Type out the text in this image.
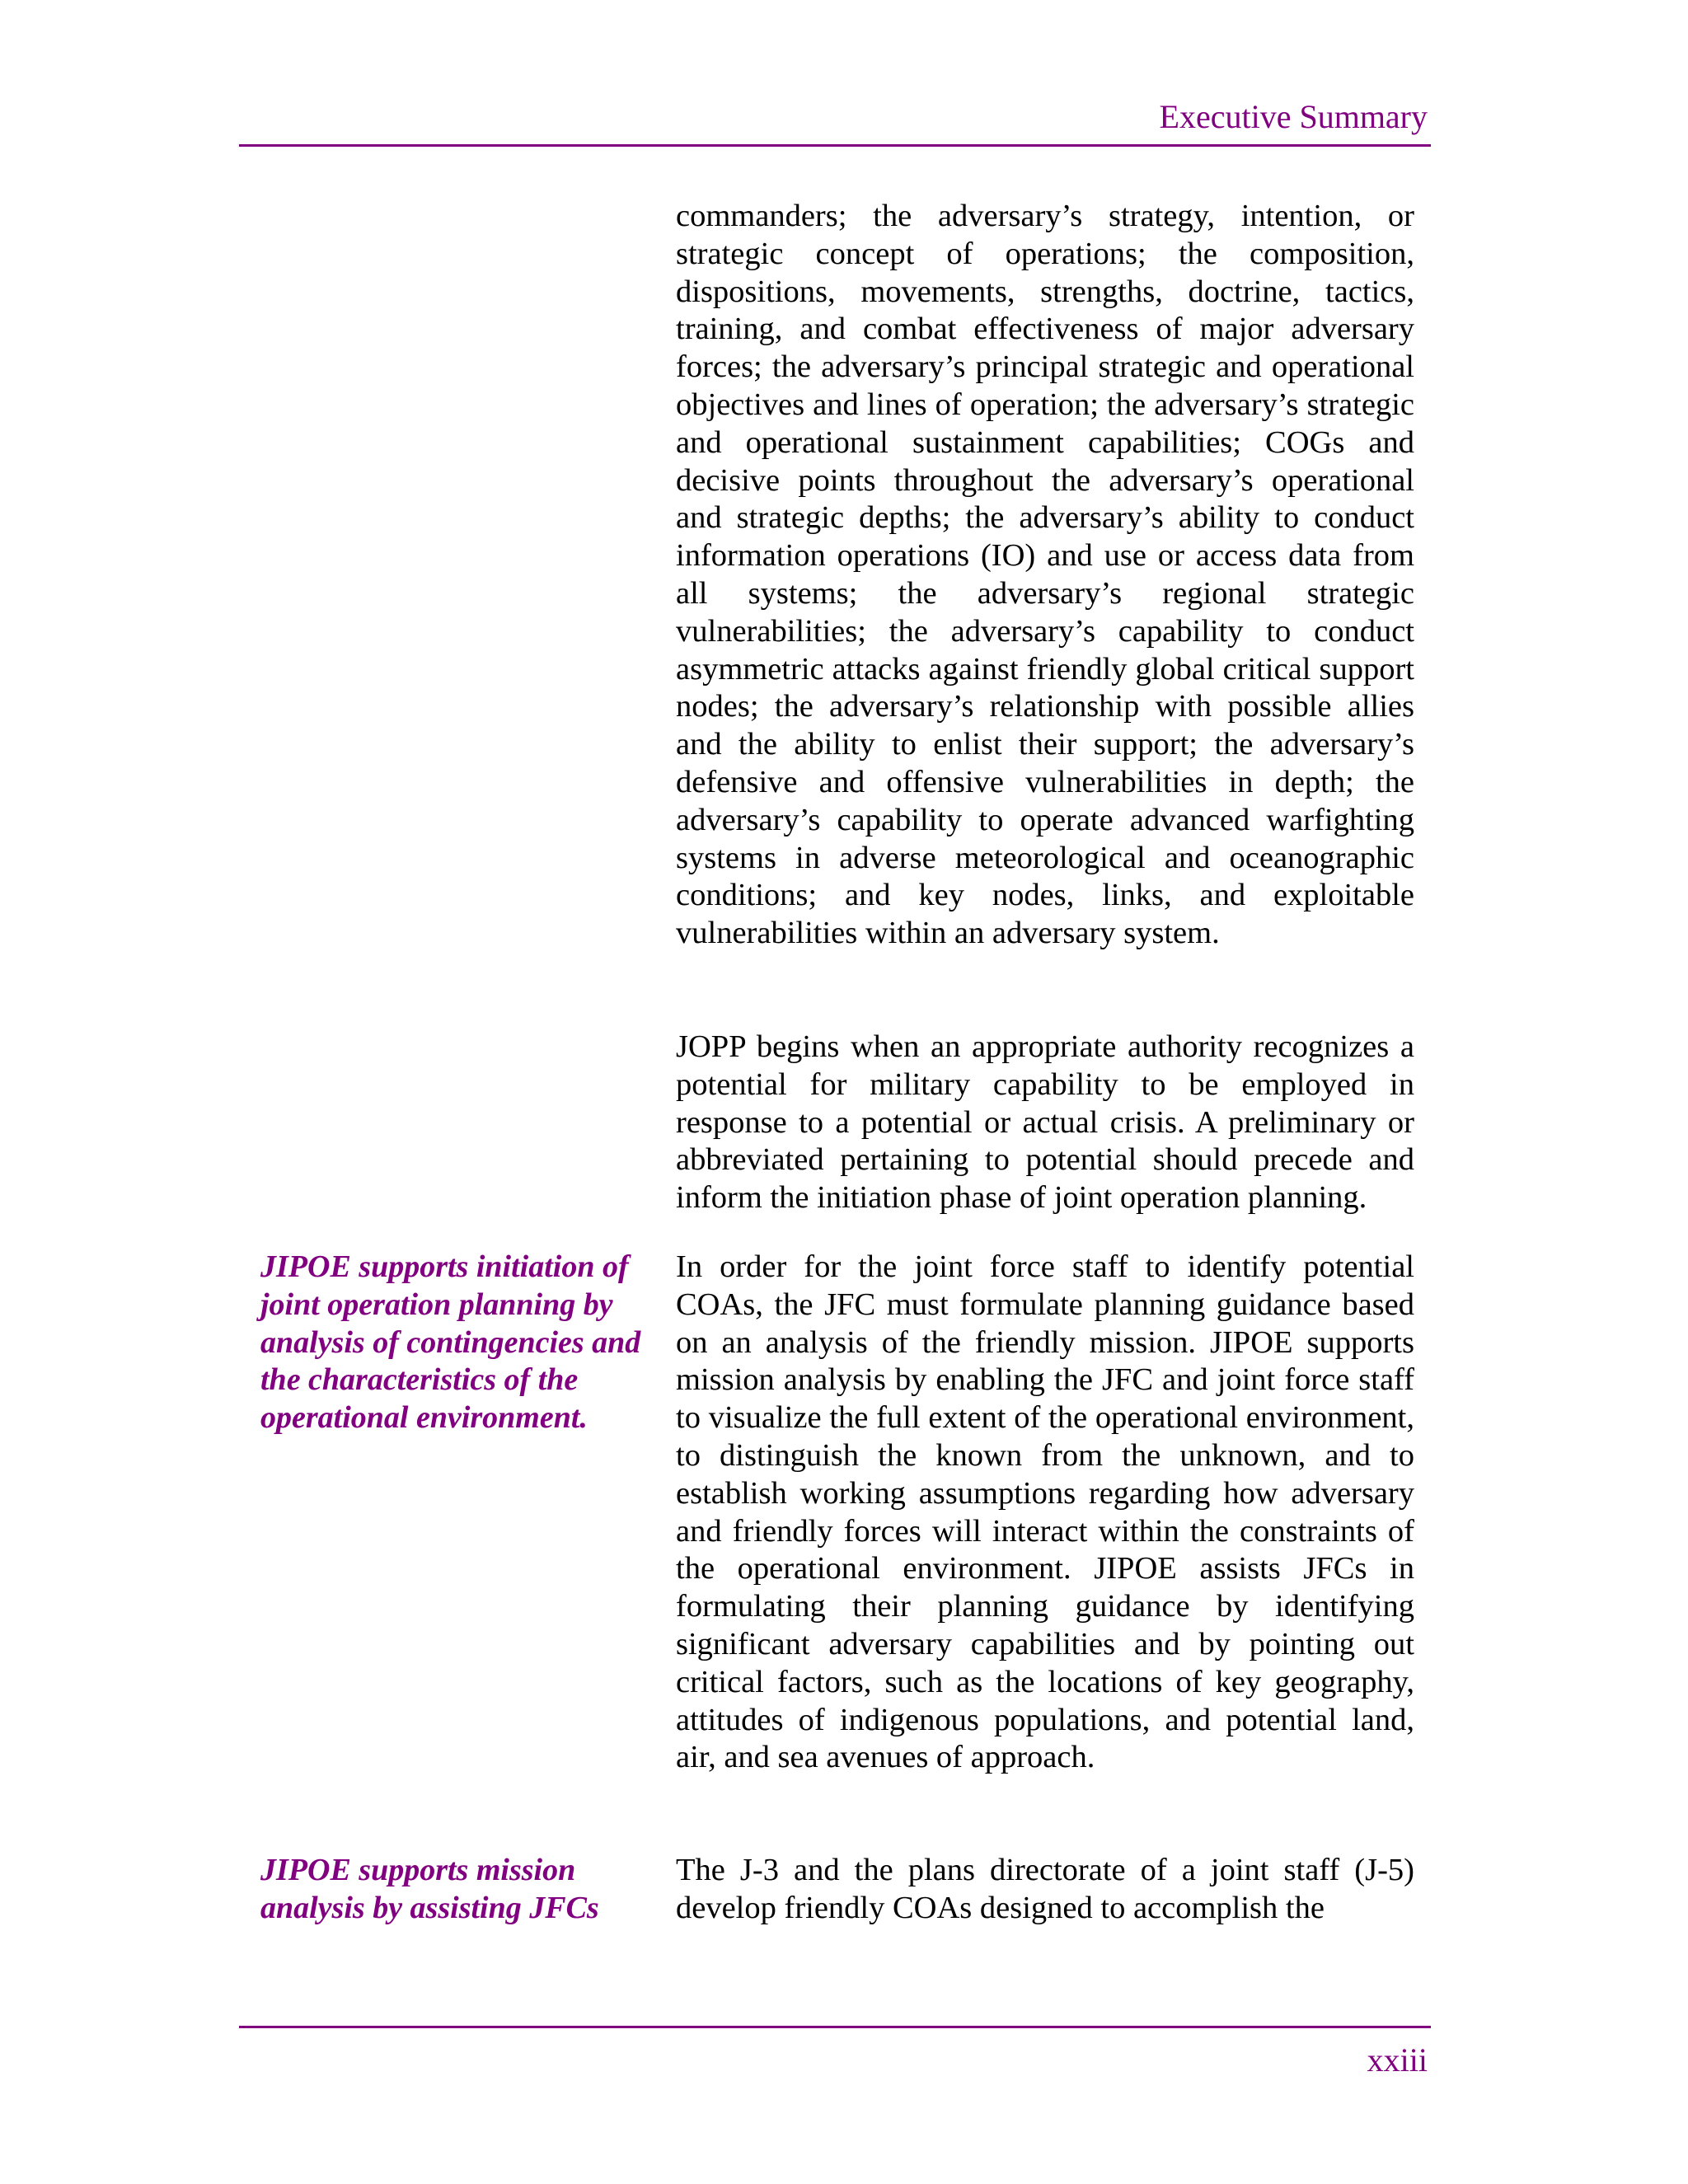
Executive Summary
JIPOE supports initiation of joint operation planning by analysis of contingencies and the characteristics of the operational environment.
JIPOE supports mission analysis by assisting JFCs

commanders; the adversary’s strategy, intention, or strategic concept of operations; the composition, dispositions, movements, strengths, doctrine, tactics, training, and combat effectiveness of major adversary forces; the adversary’s principal strategic and operational objectives and lines of operation; the adversary’s strategic and operational sustainment capabilities; COGs and decisive points throughout the adversary’s operational and strategic depths; the adversary’s ability to conduct information operations (IO) and use or access data from all systems; the adversary’s regional strategic vulnerabilities; the adversary’s capability to conduct asymmetric attacks against friendly global critical support nodes; the adversary’s relationship with possible allies and the ability to enlist their support; the adversary’s defensive and offensive vulnerabilities in depth; the adversary’s capability to operate advanced warfighting systems in adverse meteorological and oceanographic conditions; and key nodes, links, and exploitable vulnerabilities within an adversary system.

JOPP begins when an appropriate authority recognizes a potential for military capability to be employed in response to a potential or actual crisis. A preliminary or abbreviated pertaining to potential should precede and inform the initiation phase of joint operation planning.

In order for the joint force staff to identify potential COAs, the JFC must formulate planning guidance based on an analysis of the friendly mission. JIPOE supports mission analysis by enabling the JFC and joint force staff to visualize the full extent of the operational environment, to distinguish the known from the unknown, and to establish working assumptions regarding how adversary and friendly forces will interact within the constraints of the operational environment. JIPOE assists JFCs in formulating their planning guidance by identifying significant adversary capabilities and by pointing out critical factors, such as the locations of key geography, attitudes of indigenous populations, and potential land, air, and sea avenues of approach.

The J-3 and the plans directorate of a joint staff (J-5) develop friendly COAs designed to accomplish the

xxiii
